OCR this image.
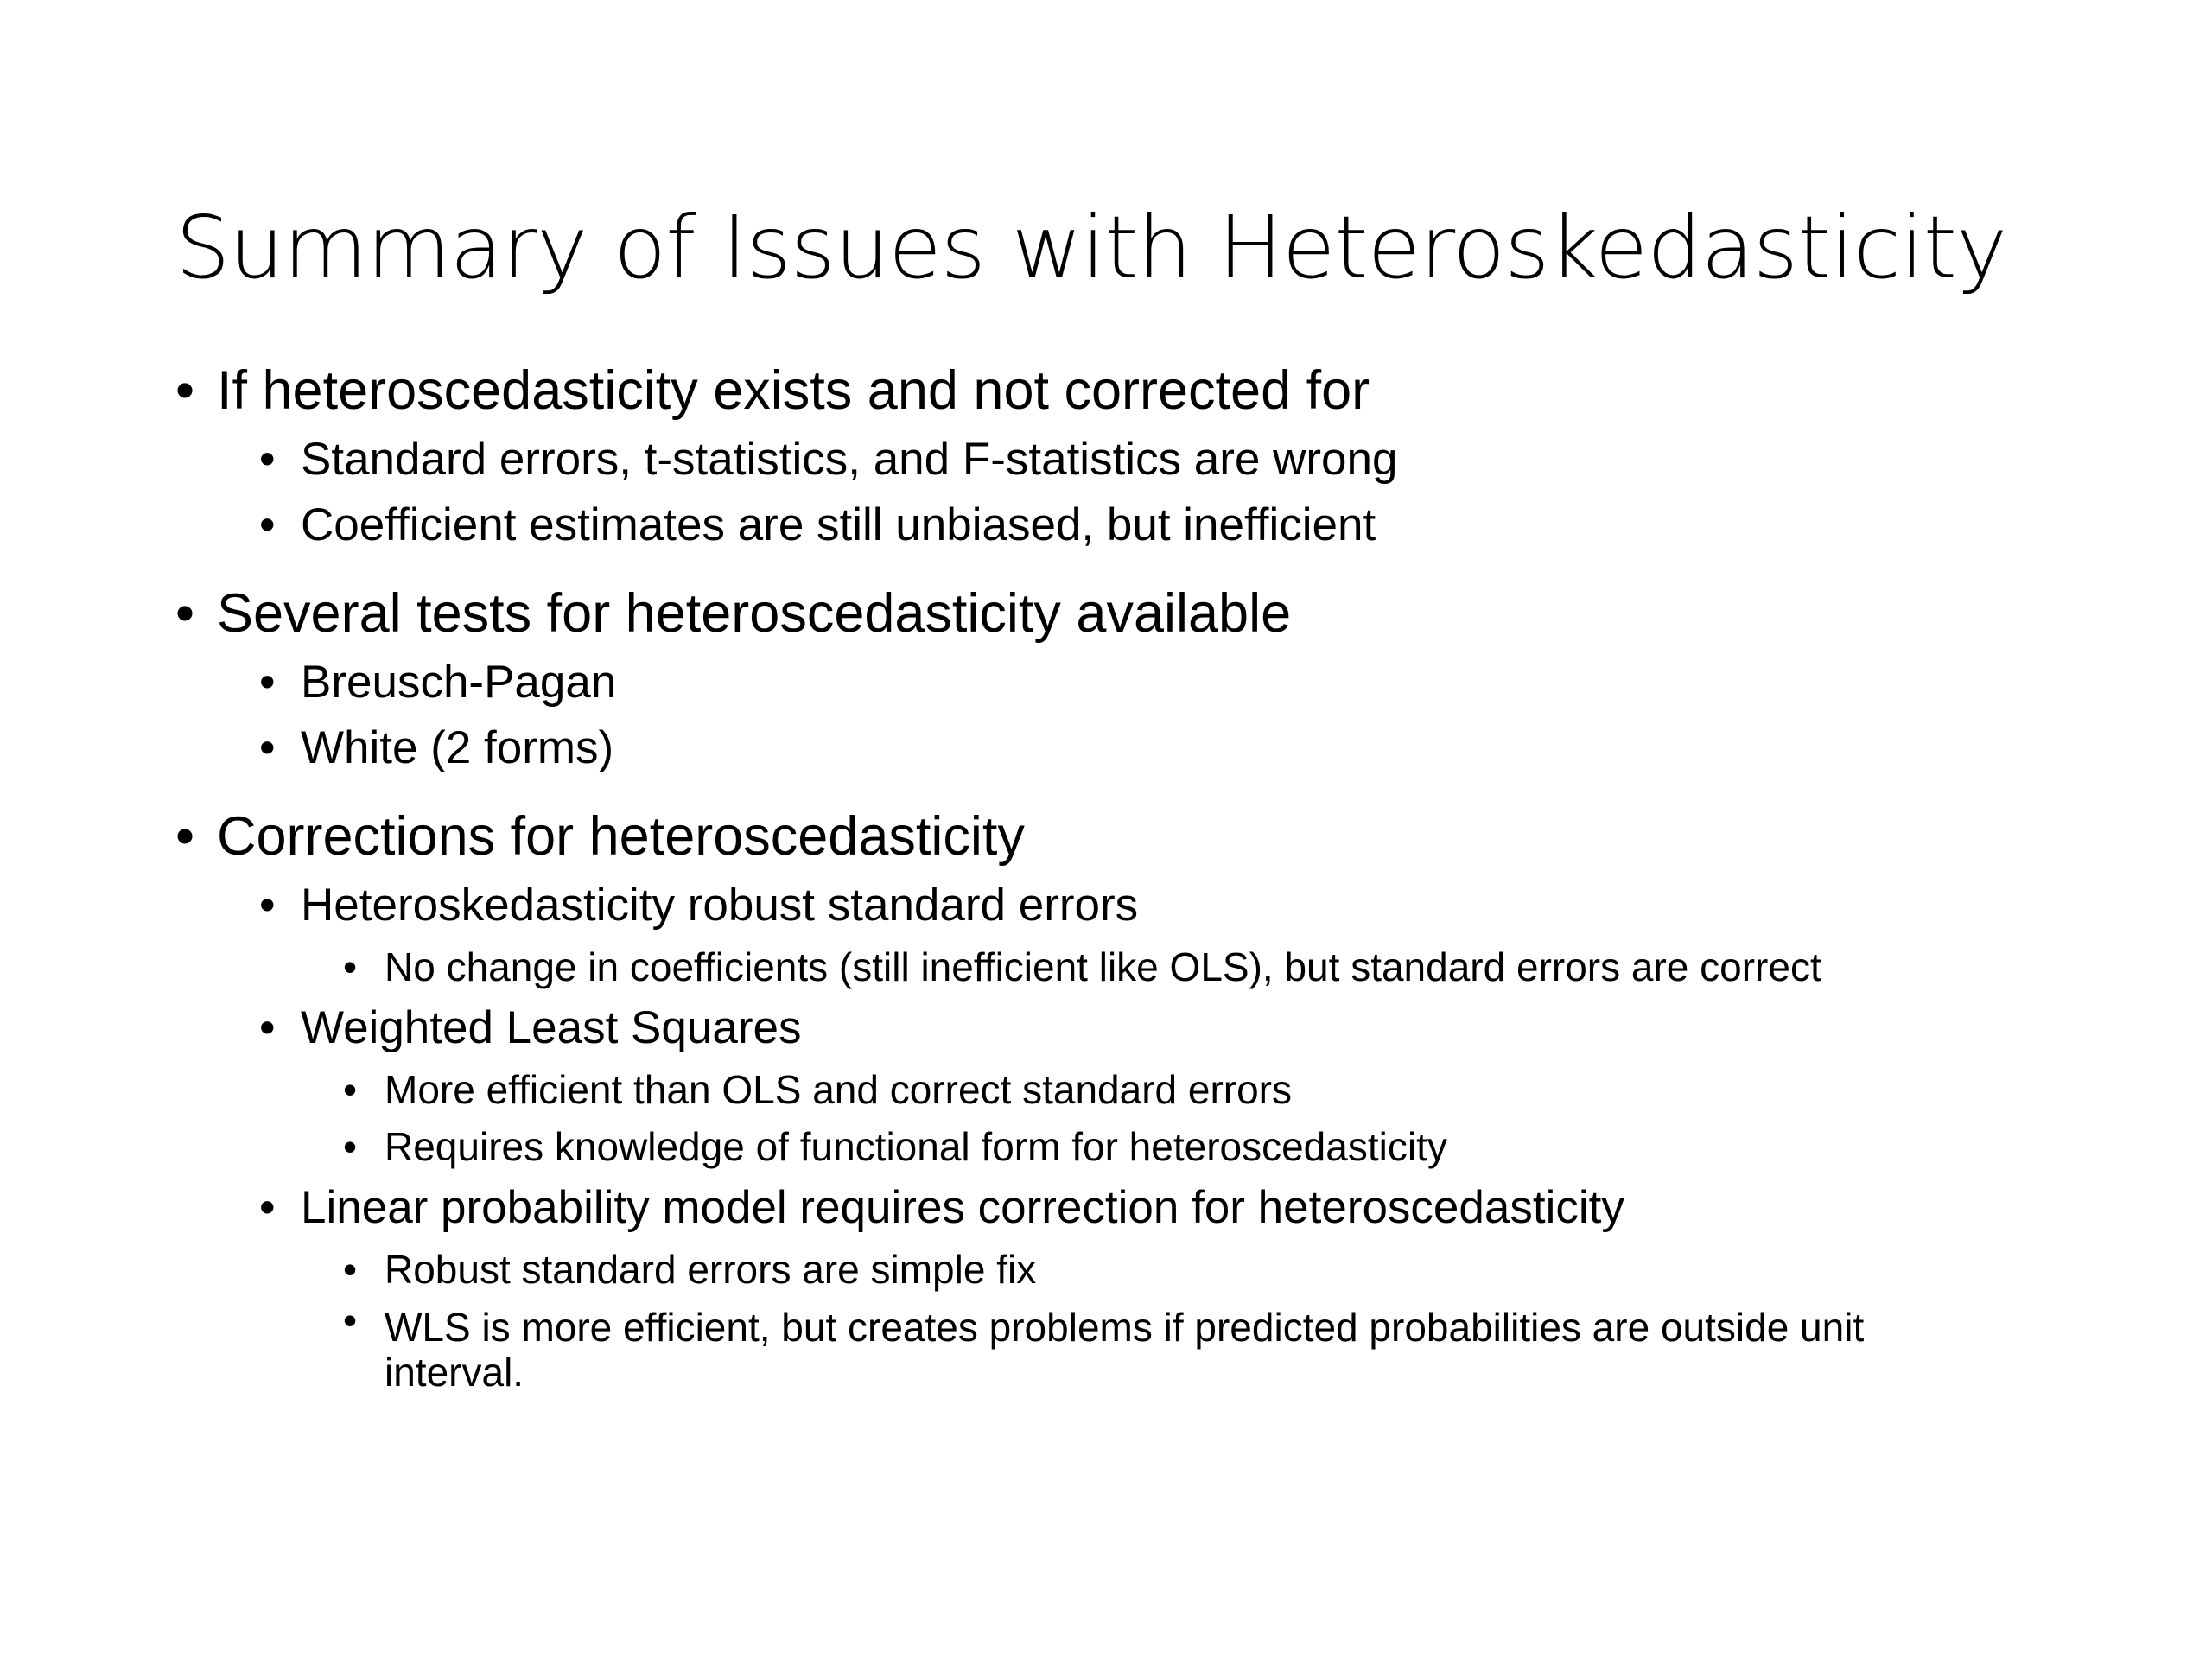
Summary of Issues with Heteroskedasticity
• If heteroscedasticity exists and not corrected for
• Standard errors, t-statistics, and F-statistics are wrong
• Coefficient estimates are still unbiased, but inefficient
• Several tests for heteroscedasticity available
• Breusch-Pagan
• White (2 forms)
• Corrections for heteroscedasticity
• Heteroskedasticity robust standard errors
• No change in coefficients (still inefficient like OLS), but standard errors are correct
• Weighted Least Squares
• More efficient than OLS and correct standard errors
• Requires knowledge of functional form for heteroscedasticity
• Linear probability model requires correction for heteroscedasticity
• Robust standard errors are simple fix
• WLS is more efficient, but creates problems if predicted probabilities are outside unit interval.
